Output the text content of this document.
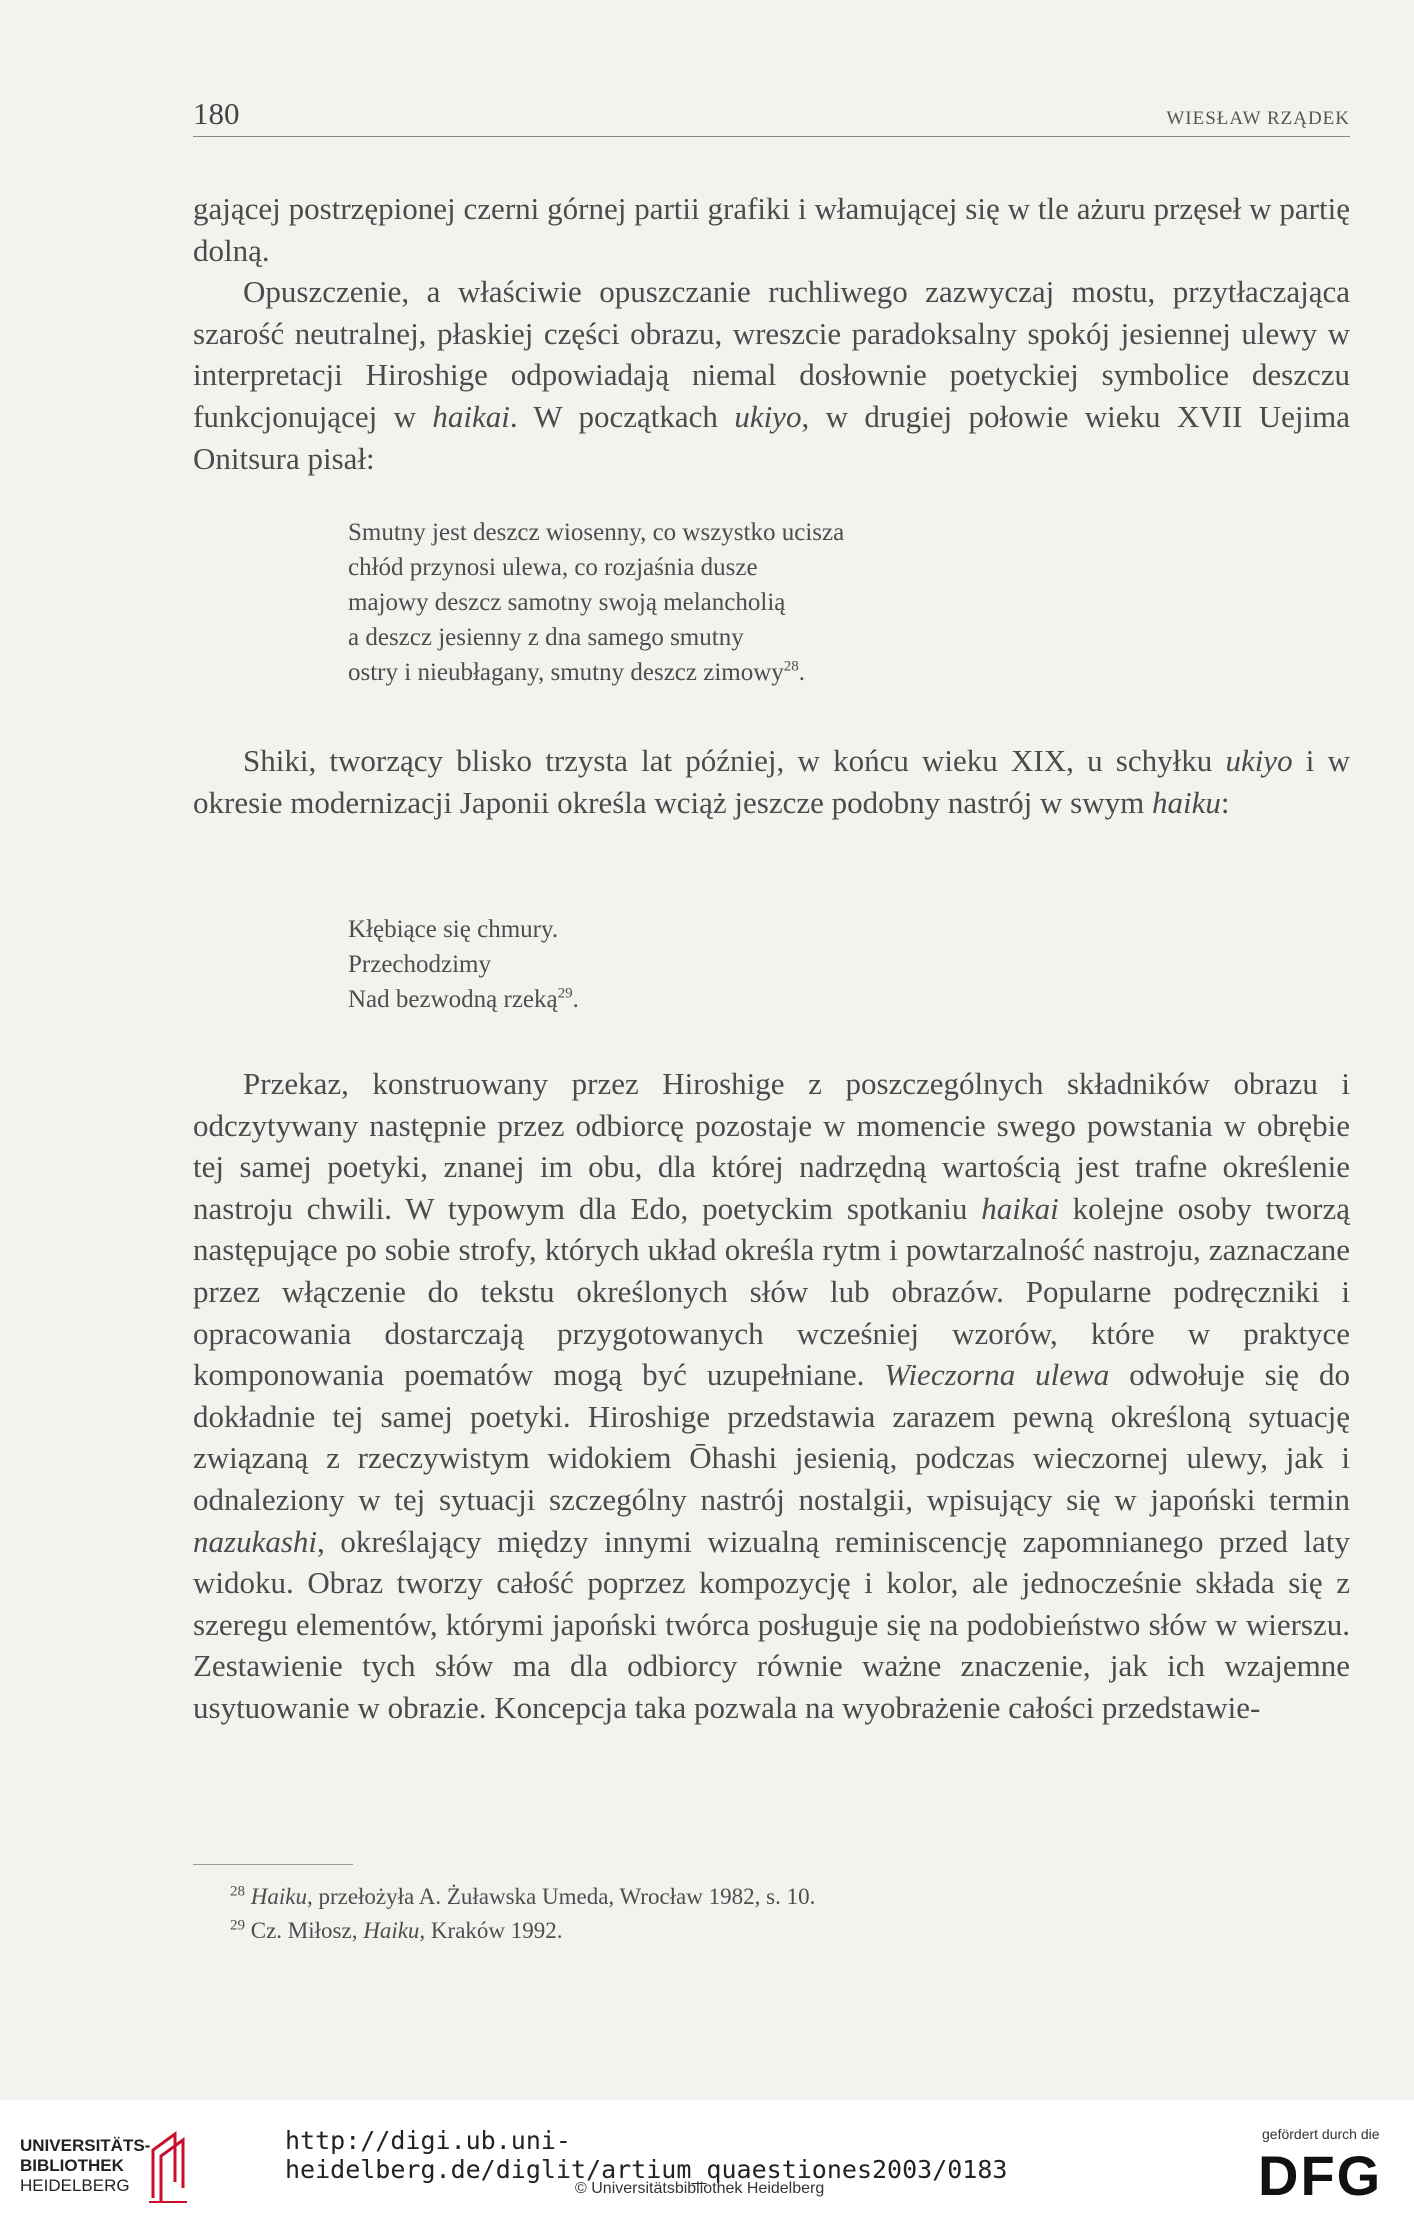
180	WIESŁAW RZĄDEK

gającej postrzępionej czerni górnej partii grafiki i włamującej się w tle ażuru przęseł w partię dolną.

Opuszczenie, a właściwie opuszczanie ruchliwego zazwyczaj mostu, przytłaczająca szarość neutralnej, płaskiej części obrazu, wreszcie paradoksalny spokój jesiennej ulewy w interpretacji Hiroshige odpowiadają niemal dosłownie poetyckiej symbolice deszczu funkcjonującej w haikai. W początkach ukiyo, w drugiej połowie wieku XVII Uejima Onitsura pisał:

Smutny jest deszcz wiosenny, co wszystko ucisza
chłód przynosi ulewa, co rozjaśnia dusze
majowy deszcz samotny swoją melancholią
a deszcz jesienny z dna samego smutny
ostry i nieubłagany, smutny deszcz zimowy$^{28}$.

Shiki, tworzący blisko trzysta lat później, w końcu wieku XIX, u schyłku ukiyo i w okresie modernizacji Japonii określa wciąż jeszcze podobny nastrój w swym haiku:

Kłębiące się chmury.
Przechodzimy
Nad bezwodną rzeką$^{29}$.

Przekaz, konstruowany przez Hiroshige z poszczególnych składników obrazu i odczytywany następnie przez odbiorcę pozostaje w momencie swego powstania w obrębie tej samej poetyki, znanej im obu, dla której nadrzędną wartością jest trafne określenie nastroju chwili. W typowym dla Edo, poetyckim spotkaniu haikai kolejne osoby tworzą następujące po sobie strofy, których układ określa rytm i powtarzalność nastroju, zaznaczane przez włączenie do tekstu określonych słów lub obrazów. Popularne podręczniki i opracowania dostarczają przygotowanych wcześniej wzorów, które w praktyce komponowania poematów mogą być uzupełniane. Wieczorna ulewa odwołuje się do dokładnie tej samej poetyki. Hiroshige przedstawia zarazem pewną określoną sytuację związaną z rzeczywistym widokiem Ōhashi jesienią, podczas wieczornej ulewy, jak i odnaleziony w tej sytuacji szczególny nastrój nostalgii, wpisujący się w japoński termin nazukashi, określający między innymi wizualną reminiscencję zapomnianego przed laty widoku. Obraz tworzy całość poprzez kompozycję i kolor, ale jednocześnie składa się z szeregu elementów, którymi japoński twórca posługuje się na podobieństwo słów w wierszu. Zestawienie tych słów ma dla odbiorcy równie ważne znaczenie, jak ich wzajemne usytuowanie w obrazie. Koncepcja taka pozwala na wyobrażenie całości przedstawie-

$^{28}$ Haiku, przełożyła A. Żuławska Umeda, Wrocław 1982, s. 10.
$^{29}$ Cz. Miłosz, Haiku, Kraków 1992.
UNIVERSITÄTS-
BIBLIOTHEK
HEIDELBERG
http://digi.ub.uni-heidelberg.de/diglit/artium_quaestiones2003/0183
© Universitätsbibliothek Heidelberg
gefördert durch die
DFG
